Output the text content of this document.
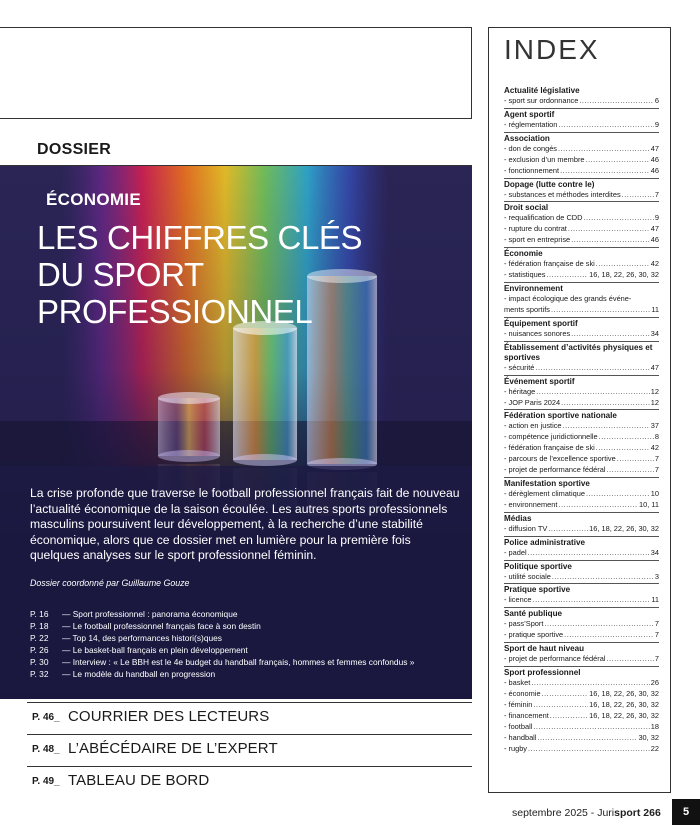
DOSSIER
ÉCONOMIE
LES CHIFFRES CLÉS
DU SPORT PROFESSIONNEL
La crise profonde que traverse le football professionnel français fait de nouveau l’actualité économique de la saison écoulée. Les autres sports professionnels masculins poursuivent leur développement, à la recherche d’une stabilité économique, alors que ce dossier met en lumière pour la première fois quelques analyses sur le sport professionnel féminin.
Dossier coordonné par Guillaume Gouze
P. 16 — Sport professionnel : panorama économique
P. 18 — Le football professionnel français face à son destin
P. 22 — Top 14, des performances histori(s)ques
P. 26 — Le basket-ball français en plein développement
P. 30 — Interview : « Le BBH est le 4e budget du handball français, hommes et femmes confondus »
P. 32 — Le modèle du handball en progression
P. 46_ COURRIER DES LECTEURS
P. 48_ L’ABÉCÉDAIRE DE L’EXPERT
P. 49_ TABLEAU DE BORD
INDEX
Actualité législative
- sport sur ordonnance .....	6
Agent sportif
- réglementation .....	9
Association
- don de congés .....	47
- exclusion d’un membre .....	46
- fonctionnement .....	46
Dopage (lutte contre le)
- substances et méthodes interdites .....	7
Droit social
- requalification de CDD .....	9
- rupture du contrat .....	47
- sport en entreprise .....	46
Économie
- fédération française de ski .....	42
- statistiques .....	16, 18, 22, 26, 30, 32
Environnement
- impact écologique des grands événe-
ments sportifs .....	11
Équipement sportif
- nuisances sonores .....	34
Établissement d’activités physiques et sportives
- sécurité .....	47
Événement sportif
- héritage .....	12
- JOP Paris 2024 .....	12
Fédération sportive nationale
- action en justice .....	37
- compétence juridictionnelle .....	8
- fédération française de ski .....	42
- parcours de l’excellence sportive .....	7
- projet de performance fédéral .....	7
Manifestation sportive
- dérèglement climatique .....	10
- environnement .....	10, 11
Médias
- diffusion TV .....	16, 18, 22, 26, 30, 32
Police administrative
- padel .....	34
Politique sportive
- utilité sociale .....	3
Pratique sportive
- licence .....	11
Santé publique
- pass’Sport .....	7
- pratique sportive .....	7
Sport de haut niveau
- projet de performance fédéral .....	7
Sport professionnel
- basket .....	26
- économie .....	16, 18, 22, 26, 30, 32
- féminin .....	16, 18, 22, 26, 30, 32
- financement .....	16, 18, 22, 26, 30, 32
- football .....	18
- handball .....	30, 32
- rugby .....	22
septembre 2025 - Jurisport 266	5
